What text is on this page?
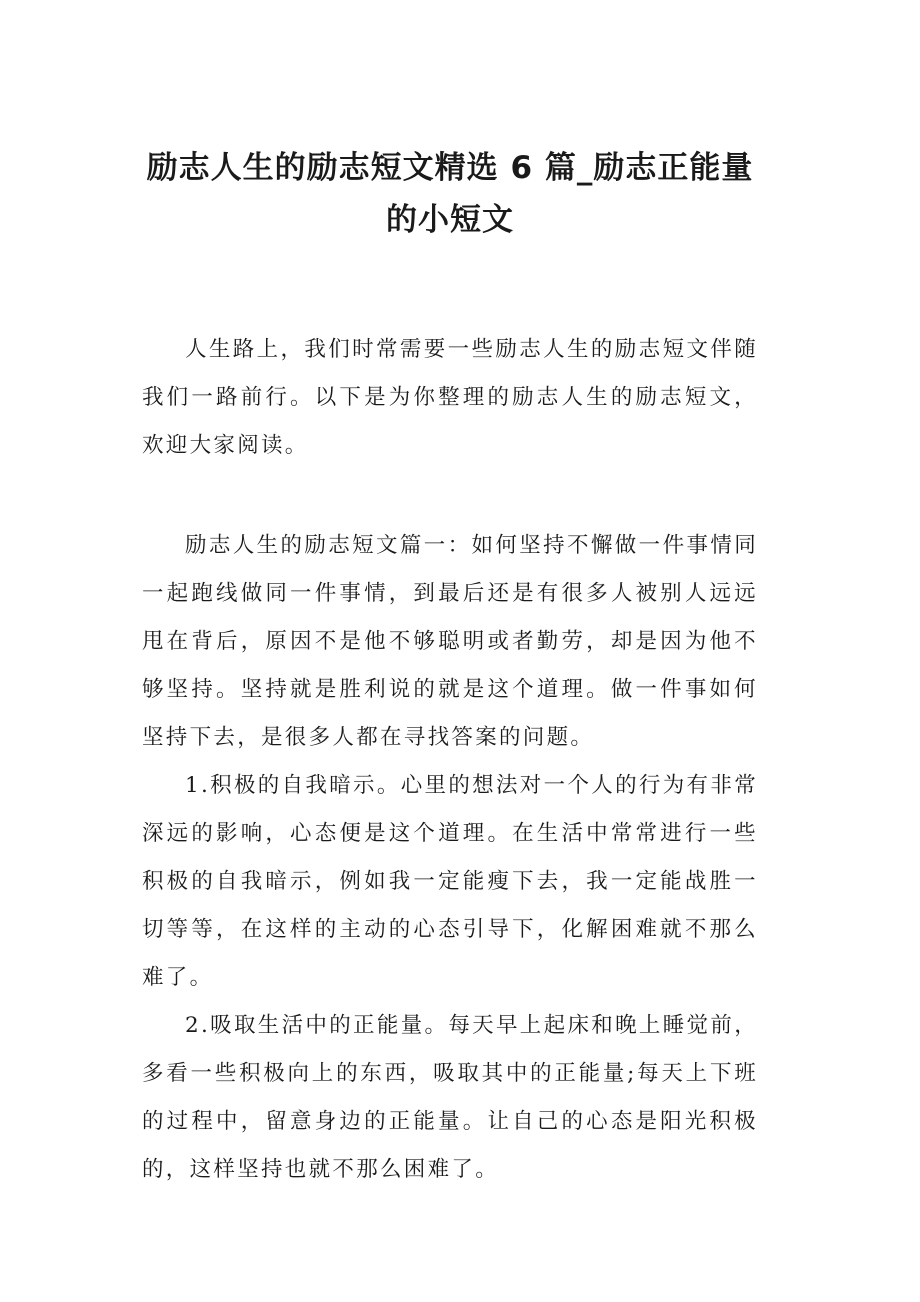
励志人生的励志短文精选 6 篇_励志正能量
的小短文

人生路上，我们时常需要一些励志人生的励志短文伴随我们一路前行。以下是为你整理的励志人生的励志短文，欢迎大家阅读。

励志人生的励志短文篇一：如何坚持不懈做一件事情同一起跑线做同一件事情，到最后还是有很多人被别人远远甩在背后，原因不是他不够聪明或者勤劳，却是因为他不够坚持。坚持就是胜利说的就是这个道理。做一件事如何坚持下去，是很多人都在寻找答案的问题。

1.积极的自我暗示。心里的想法对一个人的行为有非常深远的影响，心态便是这个道理。在生活中常常进行一些积极的自我暗示，例如我一定能瘦下去，我一定能战胜一切等等，在这样的主动的心态引导下，化解困难就不那么难了。

2.吸取生活中的正能量。每天早上起床和晚上睡觉前，多看一些积极向上的东西，吸取其中的正能量;每天上下班的过程中，留意身边的正能量。让自己的心态是阳光积极的，这样坚持也就不那么困难了。
